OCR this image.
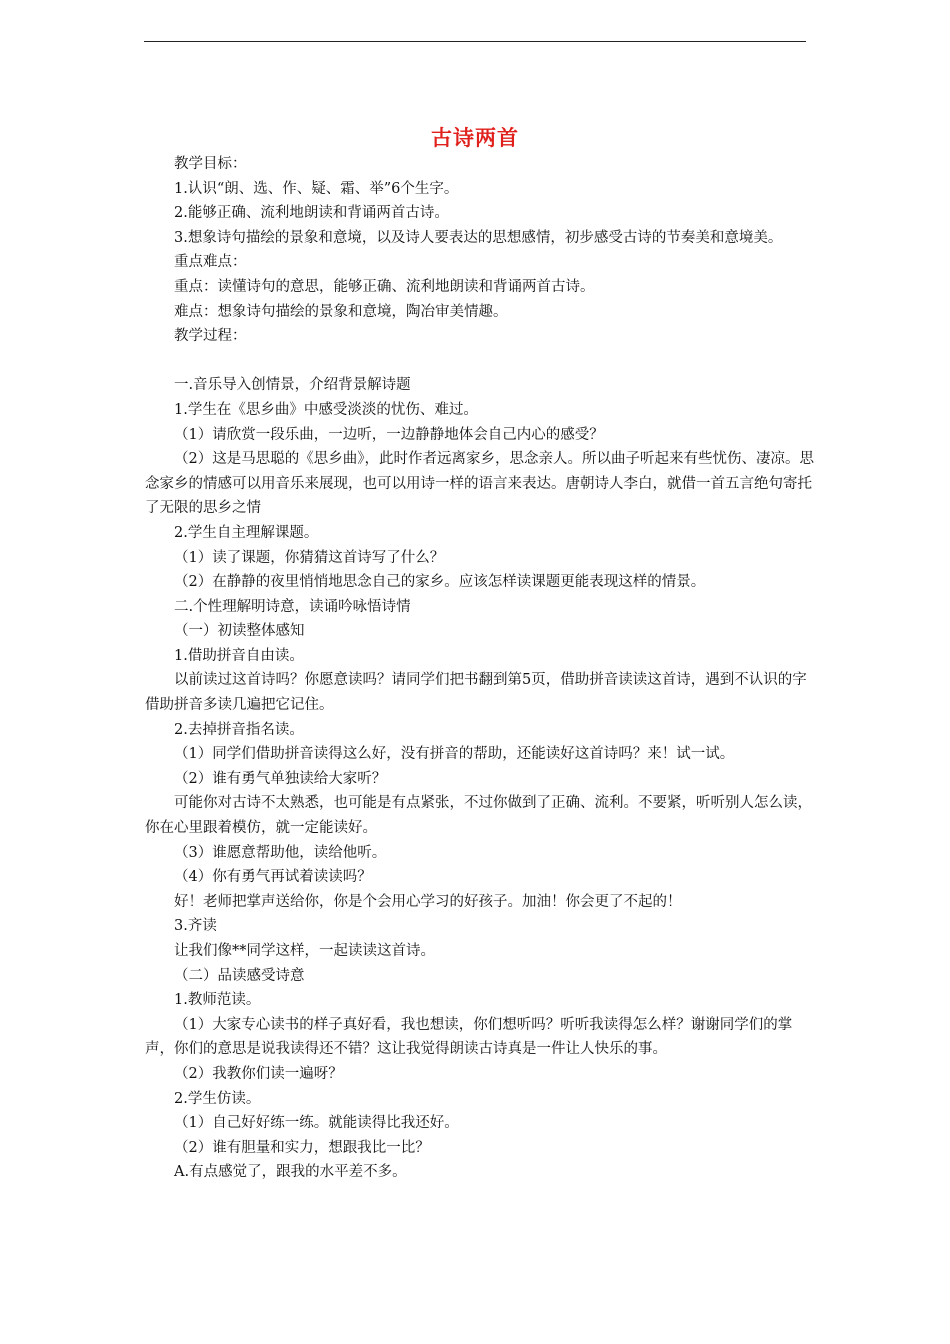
古诗两首

教学目标：

1.认识“朗、选、作、疑、霜、举”6个生字。

2.能够正确、流利地朗读和背诵两首古诗。

3.想象诗句描绘的景象和意境，以及诗人要表达的思想感情，初步感受古诗的节奏美和意境美。

重点难点：

重点：读懂诗句的意思，能够正确、流利地朗读和背诵两首古诗。

难点：想象诗句描绘的景象和意境，陶冶审美情趣。

教学过程：

一.音乐导入创情景，介绍背景解诗题

1.学生在《思乡曲》中感受淡淡的忧伤、难过。

（1）请欣赏一段乐曲，一边听，一边静静地体会自己内心的感受？

（2）这是马思聪的《思乡曲》，此时作者远离家乡，思念亲人。所以曲子听起来有些忧伤、凄凉。思念家乡的情感可以用音乐来展现，也可以用诗一样的语言来表达。唐朝诗人李白，就借一首五言绝句寄托了无限的思乡之情

2.学生自主理解课题。

（1）读了课题，你猜猜这首诗写了什么？

（2）在静静的夜里悄悄地思念自己的家乡。应该怎样读课题更能表现这样的情景。

二.个性理解明诗意，读诵吟咏悟诗情

（一）初读整体感知

1.借助拼音自由读。

以前读过这首诗吗？你愿意读吗？请同学们把书翻到第5页，借助拼音读读这首诗，遇到不认识的字借助拼音多读几遍把它记住。

2.去掉拼音指名读。

（1）同学们借助拼音读得这么好，没有拼音的帮助，还能读好这首诗吗？来！试一试。

（2）谁有勇气单独读给大家听？

可能你对古诗不太熟悉，也可能是有点紧张，不过你做到了正确、流利。不要紧，听听别人怎么读，你在心里跟着模仿，就一定能读好。

（3）谁愿意帮助他，读给他听。

（4）你有勇气再试着读读吗？

好！老师把掌声送给你，你是个会用心学习的好孩子。加油！你会更了不起的！

3.齐读

让我们像**同学这样，一起读读这首诗。

（二）品读感受诗意

1.教师范读。

（1）大家专心读书的样子真好看，我也想读，你们想听吗？听听我读得怎么样？谢谢同学们的掌声，你们的意思是说我读得还不错？这让我觉得朗读古诗真是一件让人快乐的事。

（2）我教你们读一遍呀？

2.学生仿读。

（1）自己好好练一练。就能读得比我还好。

（2）谁有胆量和实力，想跟我比一比？

A.有点感觉了，跟我的水平差不多。
